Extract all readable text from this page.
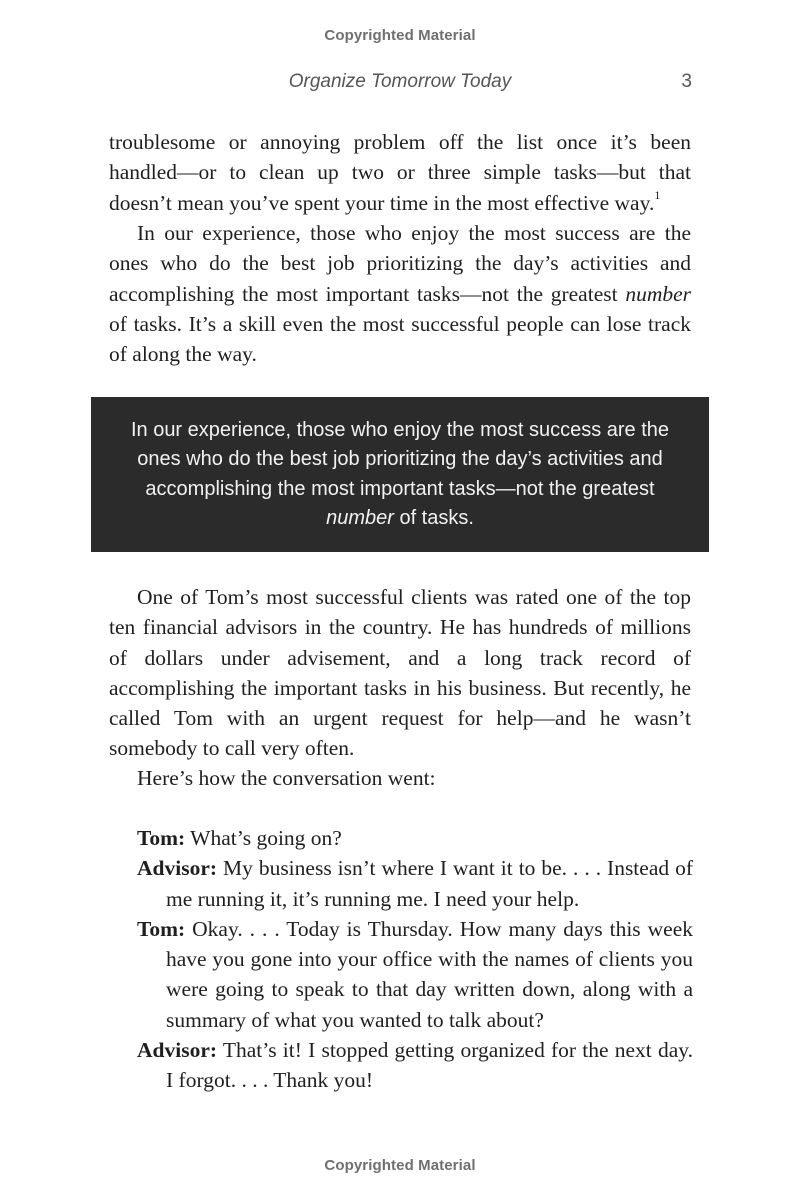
Copyrighted Material
Organize Tomorrow Today	3

troublesome or annoying problem off the list once it’s been handled—or to clean up two or three simple tasks—but that doesn’t mean you’ve spent your time in the most effective way.$^1$

In our experience, those who enjoy the most success are the ones who do the best job prioritizing the day’s activities and accomplishing the most important tasks—not the greatest number of tasks. It’s a skill even the most successful people can lose track of along the way.

In our experience, those who enjoy the most success are the ones who do the best job prioritizing the day’s activities and accomplishing the most important tasks—not the greatest number of tasks.

One of Tom’s most successful clients was rated one of the top ten financial advisors in the country. He has hundreds of millions of dollars under advisement, and a long track record of accomplishing the important tasks in his business. But recently, he called Tom with an urgent request for help—and he wasn’t somebody to call very often.

Here’s how the conversation went:

Tom: What’s going on?

Advisor: My business isn’t where I want it to be. . . . Instead of me running it, it’s running me. I need your help.

Tom: Okay. . . . Today is Thursday. How many days this week have you gone into your office with the names of clients you were going to speak to that day written down, along with a summary of what you wanted to talk about?

Advisor: That’s it! I stopped getting organized for the next day. I forgot. . . . Thank you!

Copyrighted Material
